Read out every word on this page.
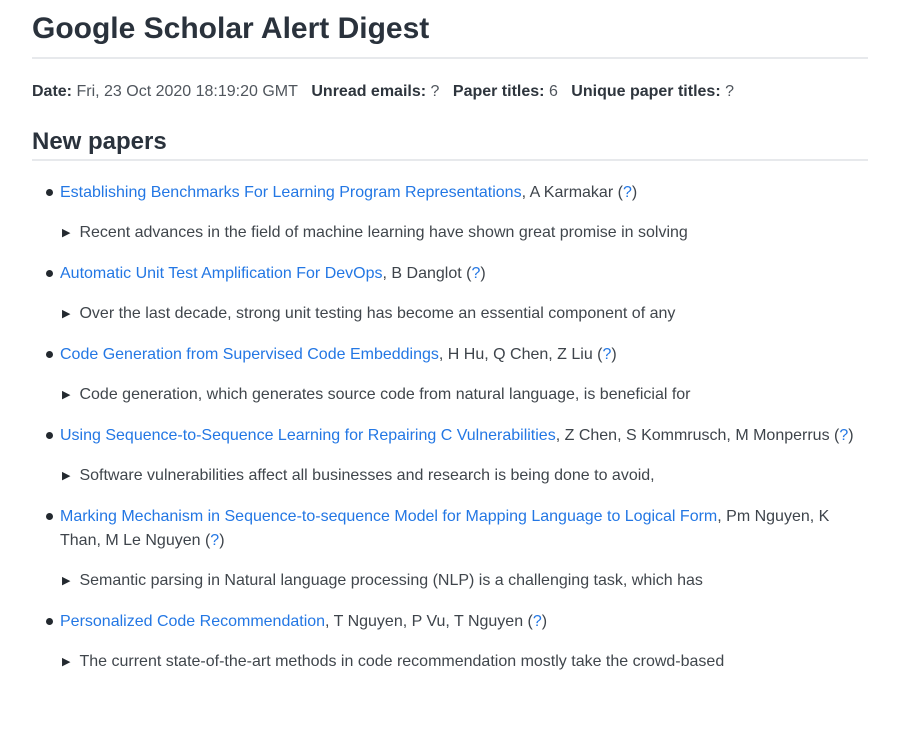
Google Scholar Alert Digest

Date: Fri, 23 Oct 2020 18:19:20 GMT Unread emails: ? Paper titles: 6 Unique paper titles: ?

New papers
Establishing Benchmarks For Learning Program Representations, A Karmakar (?)
▶ Recent advances in the field of machine learning have shown great promise in solving
Automatic Unit Test Amplification For DevOps, B Danglot (?)
▶ Over the last decade, strong unit testing has become an essential component of any
Code Generation from Supervised Code Embeddings, H Hu, Q Chen, Z Liu (?)
▶ Code generation, which generates source code from natural language, is beneficial for
Using Sequence-to-Sequence Learning for Repairing C Vulnerabilities, Z Chen, S Kommrusch, M Monperrus (?)
▶ Software vulnerabilities affect all businesses and research is being done to avoid,
Marking Mechanism in Sequence-to-sequence Model for Mapping Language to Logical Form, Pm Nguyen, K Than, M Le Nguyen (?)
▶ Semantic parsing in Natural language processing (NLP) is a challenging task, which has
Personalized Code Recommendation, T Nguyen, P Vu, T Nguyen (?)
▶ The current state-of-the-art methods in code recommendation mostly take the crowd-based
